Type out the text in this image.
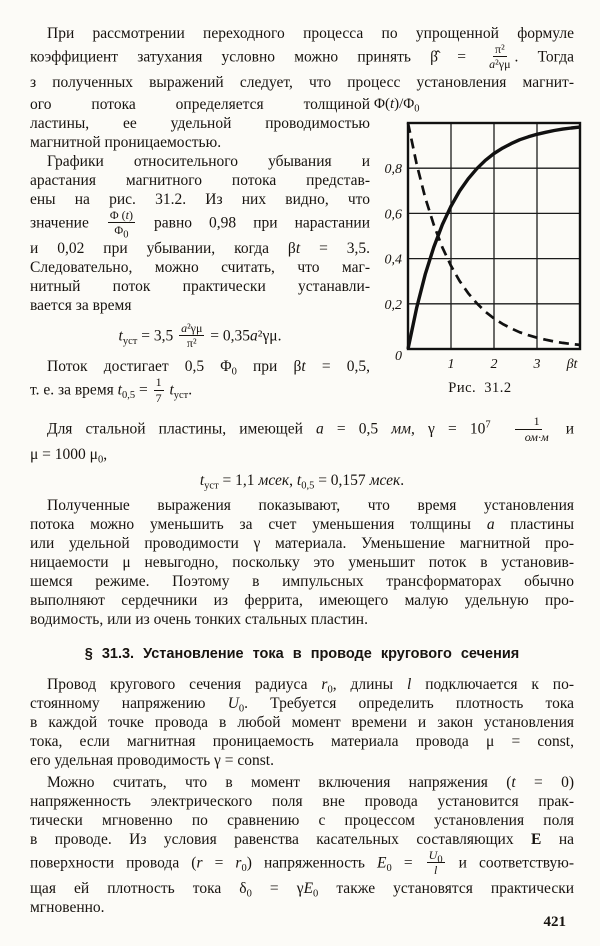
При рассмотрении переходного процесса по упрощенной формуле
коэффициент затухания условно можно принять β̂ = $\frac{\text{π²}}{\text{a²γμ}}$ . Тогда
з полученных выражений следует, что процесс установления магнит-
ого потока определяется толщиной
ластины, ее удельной проводимостью
магнитной проницаемостью.
Графики относительного убывания и
арастания магнитного потока представ-
ены на рис. 31.2. Из них видно, что
значение $\frac{\Phi (t)}{\Phi_0}$ равно 0,98 при нарастании
и 0,02 при убывании, когда βt = 3,5.
Следовательно, можно считать, что маг-
нитный поток практически устанавли-
вается за время
$t_{уст} = 3,5 \frac{\text{a²γμ}}{\text{π²}} = 0,35a^2\gamma\mu$.
Поток достигает 0,5 $\Phi_0$ при βt = 0,5,
т. е. за время $t_{0,5} = \frac{1}{7} t_{уст}$.
$\Phi(t)/\Phi_0$
0,2
0,4
0,6
0,8
1	2	3
0
βt
Рис. 31.2
Для стальной пластины, имеющей a = 0,5 мм, $\gamma = 10^7$	1
ом·м и
μ = 1000 $\mu_0$,
$t_{уст} = 1,1$ мсек, $t_{0,5} = 0,157$ мсек.
Полученные выражения показывают, что время установления
потока можно уменьшить за счет уменьшения толщины a пластины
или удельной проводимости γ материала. Уменьшение магнитной про-
ницаемости μ невыгодно, поскольку это уменьшит поток в установив-
шемся режиме. Поэтому в импульсных трансформаторах обычно
выполняют сердечники из феррита, имеющего малую удельную про-
водимость, или из очень тонких стальных пластин.
§ 31.3. Установление тока в проводе кругового сечения
Провод кругового сечения радиуса $r_0$, длины l подключается к по-
стоянному напряжению $U_0$. Требуется определить плотность тока
в каждой точке провода в любой момент времени и закон установления
тока, если магнитная проницаемость материала провода μ = const,
его удельная проводимость γ = const.
Можно считать, что в момент включения напряжения (t = 0)
напряженность электрического поля вне провода установится прак-
тически мгновенно по сравнению с процессом установления поля
в проводе. Из условия равенства касательных составляющих E на
поверхности провода $(r = r_0)$ напряженность $E_0 = \frac{U_0}{l}$ и соответствую-
щая ей плотность тока $\delta_0 = \gamma E_0$ также установятся практически
мгновенно.
421
